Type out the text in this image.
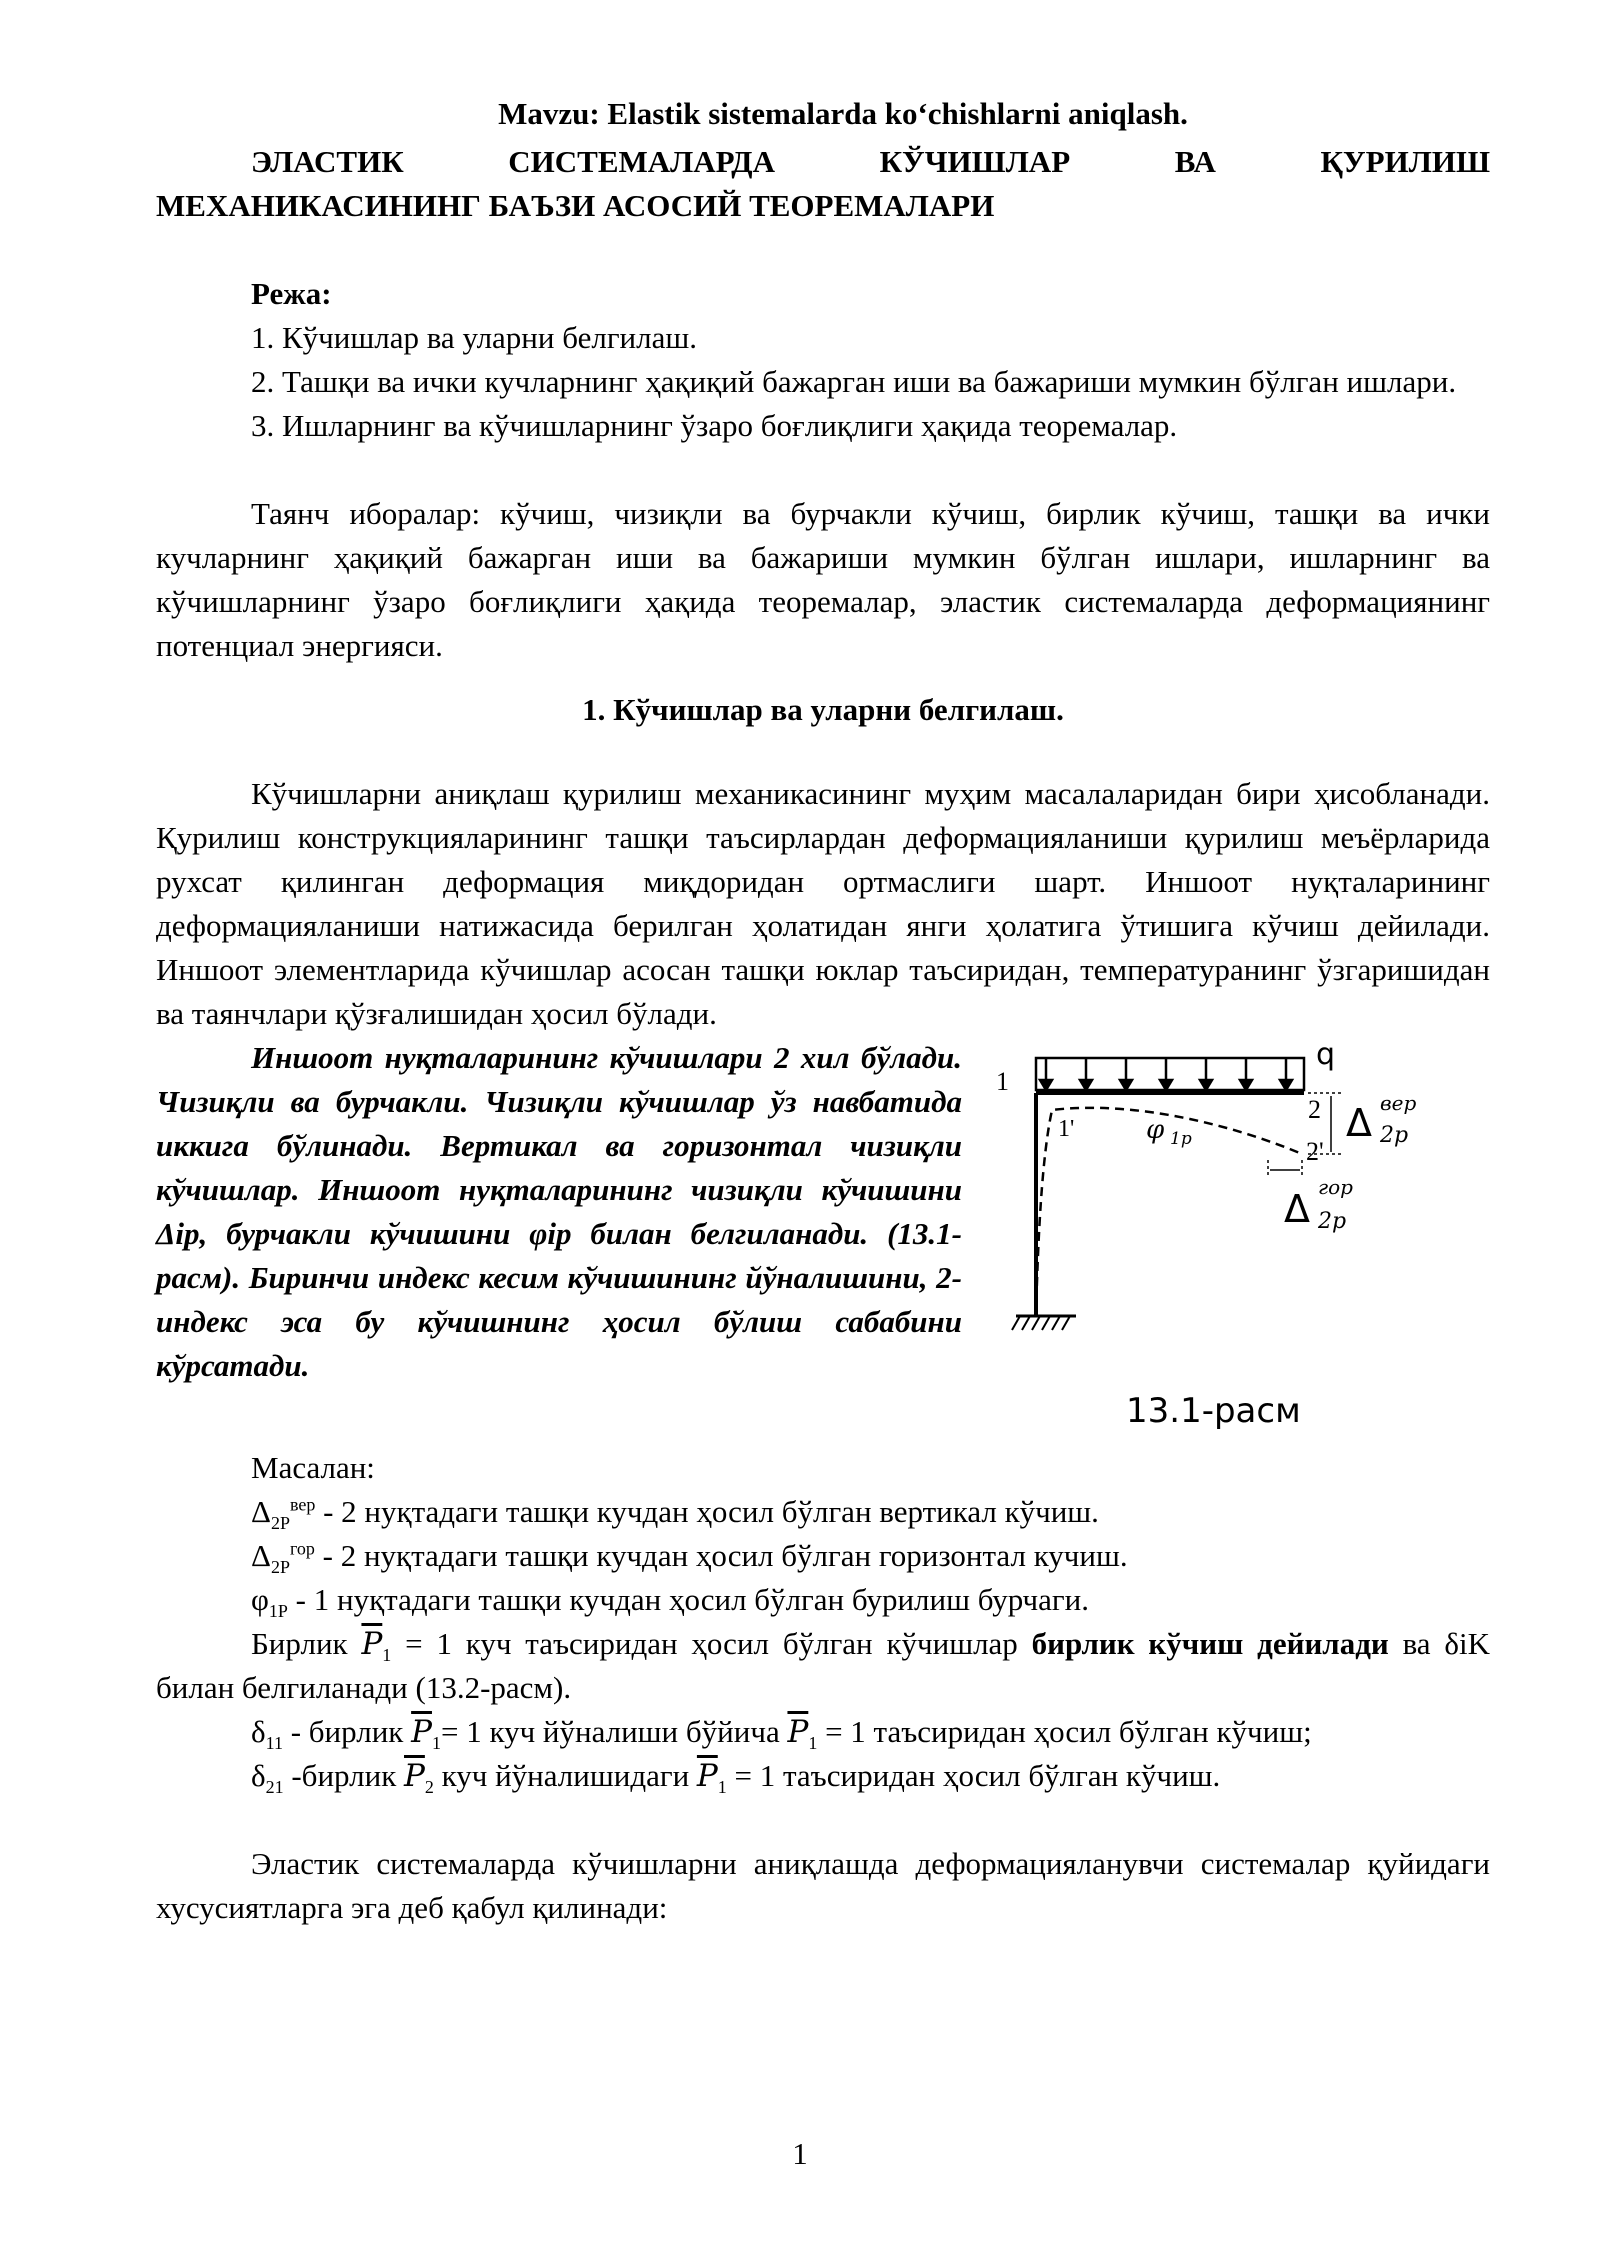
Mavzu: Elastik sistemalarda ko‘chishlarni aniqlash.

ЭЛАСТИК	СИСТЕМАЛАРДА	КЎЧИШЛАР	ВА	ҚУРИЛИШ
МЕХАНИКАСИНИНГ БАЪЗИ АСОСИЙ ТЕОРЕМАЛАРИ

Режа:

1. Кўчишлар ва уларни белгилаш.

2. Ташқи ва ички кучларнинг ҳақиқий бажарган иши ва бажариши мумкин бўлган ишлари.

3. Ишларнинг ва кўчишларнинг ўзаро боғлиқлиги ҳақида теоремалар.

Таянч иборалар: кўчиш, чизиқли ва бурчакли кўчиш, бирлик кўчиш, ташқи ва ички кучларнинг ҳақиқий бажарган иши ва бажариши мумкин бўлган ишлари, ишларнинг ва кўчишларнинг ўзаро боғлиқлиги ҳақида теоремалар, эластик системаларда деформациянинг потенциал энергияси.

1. Кўчишлар ва уларни белгилаш.

Кўчишларни аниқлаш қурилиш механикасининг муҳим масалаларидан бири ҳисобланади. Қурилиш конструкцияларининг ташқи таъсирлардан деформацияланиши қурилиш меъёрларида рухсат қилинган деформация миқдоридан ортмаслиги шарт. Иншоот нуқталарининг деформацияланиши натижасида берилган ҳолатидан янги ҳолатига ўтишига кўчиш дейилади. Иншоот элементларида кўчишлар асосан ташқи юклар таъсиридан, температуранинг ўзгаришидан ва таянчлари қўзғалишидан ҳосил бўлади.

Иншоот нуқталарининг кўчишлари 2 хил бўлади. Чизиқли ва бурчакли. Чизиқли кўчишлар ўз навбатида иккига бўлинади. Вертикал ва горизонтал чизиқли кўчишлар. Иншоот нуқталарининг чизиқли кўчишини Δip, бурчакли кўчишини φip билан белгиланади. (13.1-расм). Биринчи индекс кесим кўчишининг йўналишини, 2-индекс эса бу кўчишнинг ҳосил бўлиш сабабини кўрсатади.

q
1
2
1'
2'
φ 1p	Δ вер
2p
Δ гор
2p
13.1-расм

Масалан:

$\Delta_{2P}^{вер} - 2$ нуқтадаги ташқи кучдан ҳосил бўлган вертикал кўчиш.

$\Delta_{2P}^{гор} - 2$ нуқтадаги ташқи кучдан ҳосил бўлган горизонтал кучиш.

$\varphi_{1P} - 1$ нуқтадаги ташқи кучдан ҳосил бўлган бурилиш бурчаги.

Бирлик $\overline{P}_1 = 1$ куч таъсиридан ҳосил бўлган кўчишлар бирлик кўчиш дейилади ва δiK билан белгиланади (13.2-расм).

$\delta_{11}$ - бирлик $\overline{P}_1= 1$ куч йўналиши бўйича $\overline{P}_1 = 1$ таъсиридан ҳосил бўлган кўчиш;

$\delta_{21}$ -бирлик $\overline{P}_2$ куч йўналишидаги $\overline{P}_1 = 1$ таъсиридан ҳосил бўлган кўчиш.

Эластик системаларда кўчишларни аниқлашда деформацияланувчи системалар қуйидаги хусусиятларга эга деб қабул қилинади:

1
